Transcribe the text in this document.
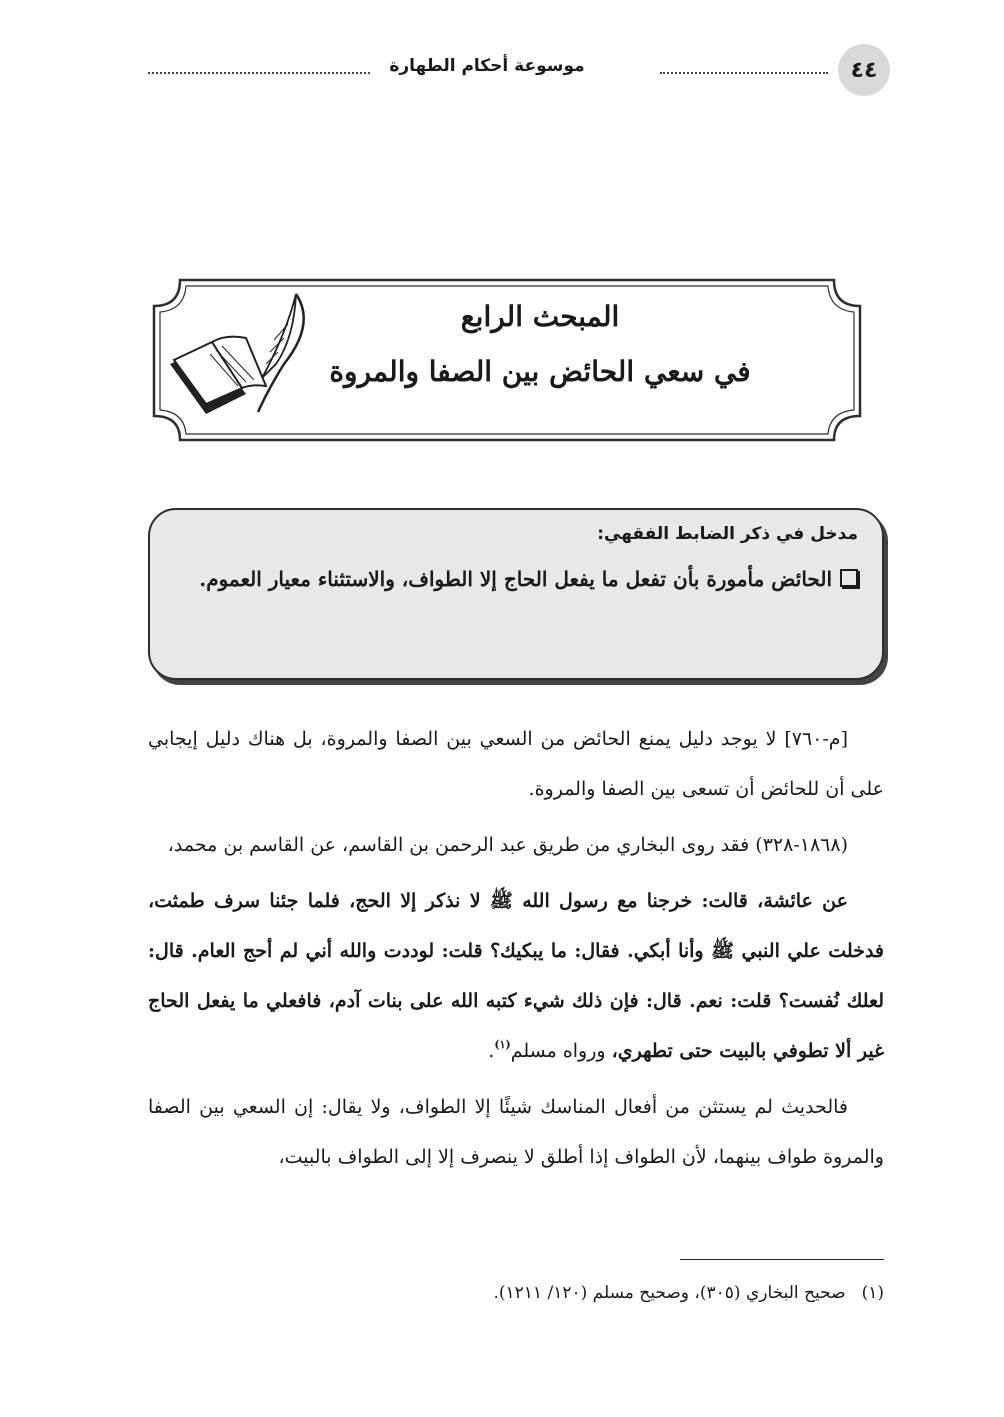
موسوعة أحكام الطهارة	٤٤
المبحث الرابع
في سعي الحائض بين الصفا والمروة
مدخل في ذكر الضابط الفقهي:
الحائض مأمورة بأن تفعل ما يفعل الحاج إلا الطواف، والاستثناء معيار العموم.

[م-٧٦٠] لا يوجد دليل يمنع الحائض من السعي بين الصفا والمروة، بل هناك دليل إيجابي على أن للحائض أن تسعى بين الصفا والمروة.

(١٨٦٨-٣٢٨) فقد روى البخاري من طريق عبد الرحمن بن القاسم، عن القاسم بن محمد،

عن عائشة، قالت: خرجنا مع رسول الله ﷺ لا نذكر إلا الحج، فلما جئنا سرف طمثت، فدخلت علي النبي ﷺ وأنا أبكي. فقال: ما يبكيك؟ قلت: لوددت والله أني لم أحج العام. قال: لعلك نُفست؟ قلت: نعم. قال: فإن ذلك شيء كتبه الله على بنات آدم، فافعلي ما يفعل الحاج غير ألا تطوفي بالبيت حتى تطهري، ورواه مسلم$^{(١)}$.

فالحديث لم يستثن من أفعال المناسك شيئًا إلا الطواف، ولا يقال: إن السعي بين الصفا والمروة طواف بينهما، لأن الطواف إذا أطلق لا ينصرف إلا إلى الطواف بالبيت،

(١)صحيح البخاري (٣٠٥)، وصحيح مسلم (١٢٠/ ١٢١١).
